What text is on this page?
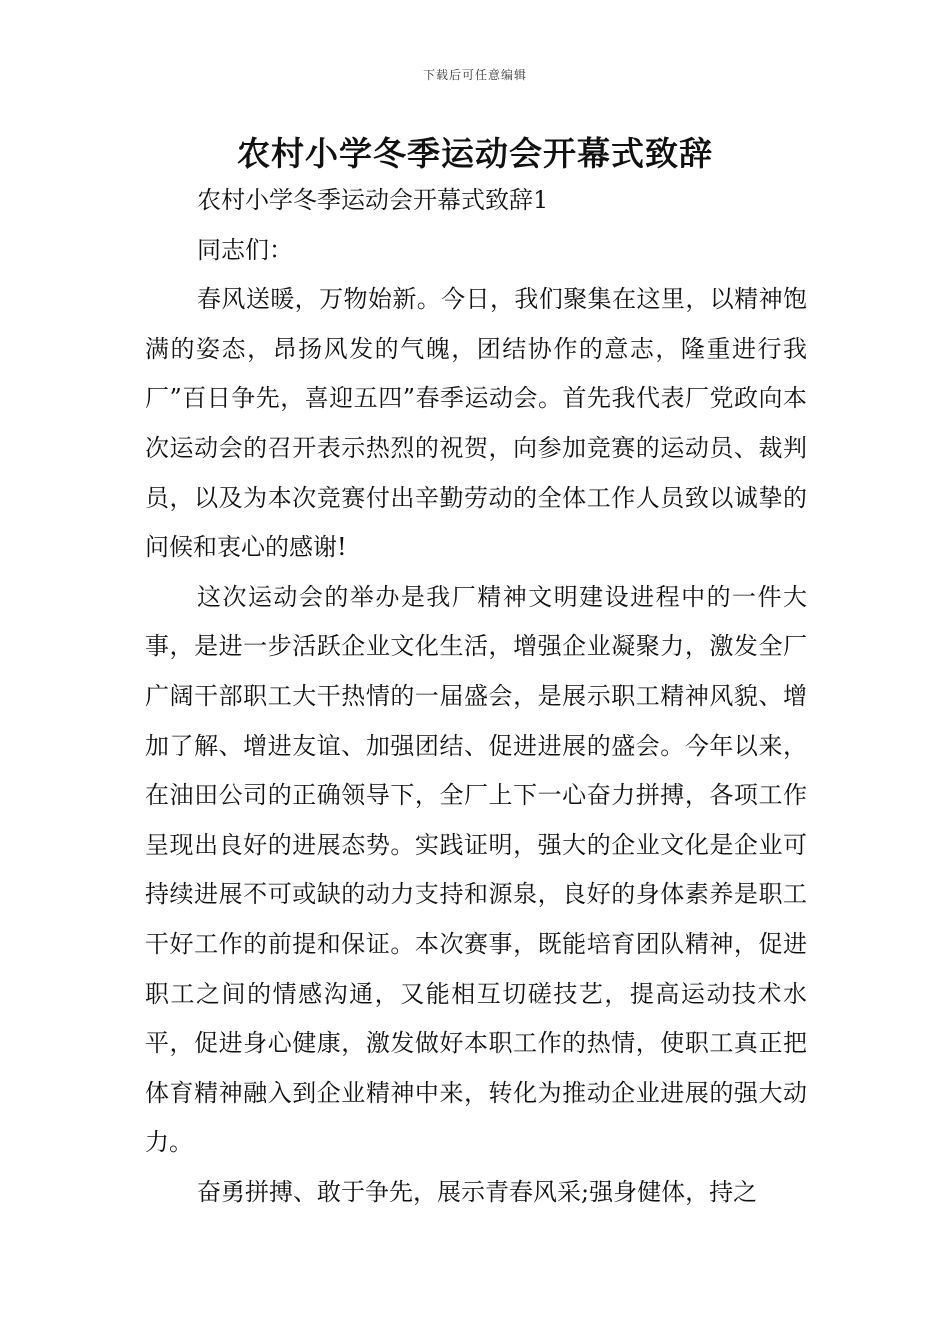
下载后可任意编辑
农村小学冬季运动会开幕式致辞

农村小学冬季运动会开幕式致辞1

同志们：

春风送暖，万物始新。今日，我们聚集在这里，以精神饱满的姿态，昂扬风发的气魄，团结协作的意志，隆重进行我厂”百日争先，喜迎五四”春季运动会。首先我代表厂党政向本次运动会的召开表示热烈的祝贺，向参加竞赛的运动员、裁判员，以及为本次竞赛付出辛勤劳动的全体工作人员致以诚挚的问候和衷心的感谢!

这次运动会的举办是我厂精神文明建设进程中的一件大事，是进一步活跃企业文化生活，增强企业凝聚力，激发全厂广阔干部职工大干热情的一届盛会，是展示职工精神风貌、增加了解、增进友谊、加强团结、促进进展的盛会。今年以来，在油田公司的正确领导下，全厂上下一心奋力拼搏，各项工作呈现出良好的进展态势。实践证明，强大的企业文化是企业可持续进展不可或缺的动力支持和源泉，良好的身体素养是职工干好工作的前提和保证。本次赛事，既能培育团队精神，促进职工之间的情感沟通，又能相互切磋技艺，提高运动技术水平，促进身心健康，激发做好本职工作的热情，使职工真正把体育精神融入到企业精神中来，转化为推动企业进展的强大动力。

奋勇拼搏、敢于争先，展示青春风采;强身健体，持之
